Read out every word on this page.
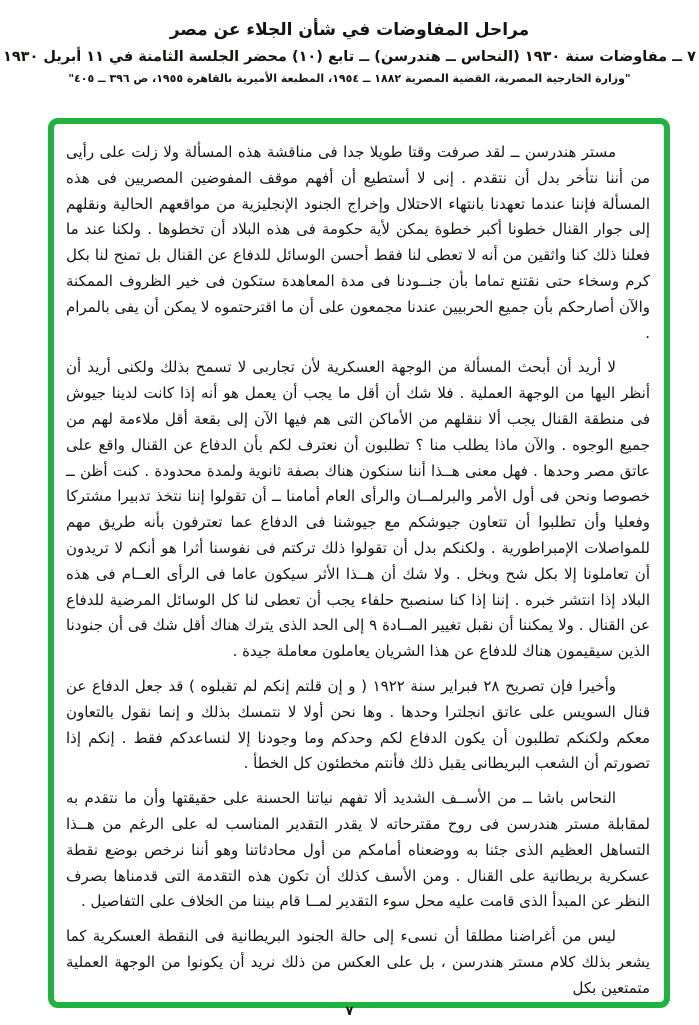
مراحل المفاوضات في شأن الجلاء عن مصر
٧ ــ مفاوضات سنة ١٩٣٠ (النحاس ــ هندرسن) ــ تابع (١٠) محضر الجلسة الثامنة في ١١ أبريل ١٩٣٠
"وزارة الخارجية المصرية، القضية المصرية ١٨٨٢ ــ ١٩٥٤، المطبعة الأميرية بالقاهرة ١٩٥٥، ص ٣٩٦ ــ ٤٠٥"

مستر هندرسن ــ لقد صرفت وقتا طويلا جدا فى مناقشة هذه المسألة ولا زلت على رأيى من أننا نتأخر بدل أن نتقدم . إنى لا أستطيع أن أفهم موقف المفوضين المصريين فى هذه المسألة فإننا عندما تعهدنا بانتهاء الاحتلال وإخراج الجنود الإنجليزية من مواقعهم الحالية ونقلهم إلى جوار القنال خطونا أكبر خطوة يمكن لأية حكومة فى هذه البلاد أن تخطوها . ولكنا عند ما فعلنا ذلك كنا واثقين من أنه لا تعطى لنا فقط أحسن الوسائل للدفاع عن القنال بل تمنح لنا بكل كرم وسخاء حتى نقتنع تماما بأن جنــودنا فى مدة المعاهدة ستكون فى خير الظروف الممكنة والآن أصارحكم بأن جميع الحربيين عندنا مجمعون على أن ما اقترحتموه لا يمكن أن يفى بالمرام .

لا أريد أن أبحث المسألة من الوجهة العسكرية لأن تجاربى لا تسمح بذلك ولكنى أريد أن أنظر اليها من الوجهة العملية . فلا شك أن أقل ما يجب أن يعمل هو أنه إذا كانت لدينا جيوش فى منطقة القنال يجب ألا ننقلهم من الأماكن التى هم فيها الآن إلى بقعة أقل ملاءمة لهم من جميع الوجوه . والآن ماذا يطلب منا ؟ تطلبون أن نعترف لكم بأن الدفاع عن القنال واقع على عاتق مصر وحدها . فهل معنى هــذا أننا سنكون هناك بصفة ثانوية ولمدة محدودة . كنت أظن ــ خصوصا ونحن فى أول الأمر والبرلمــان والرأى العام أمامنا ــ أن تقولوا إننا نتخذ تدبيرا مشتركا وفعليا وأن تطلبوا أن تتعاون جيوشكم مع جيوشنا فى الدفاع عما تعترفون بأنه طريق مهم للمواصلات الإمبراطورية . ولكنكم بدل أن تقولوا ذلك تركتم فى نفوسنا أثرا هو أنكم لا تريدون أن تعاملونا إلا بكل شح وبخل . ولا شك أن هــذا الأثر سيكون عاما فى الرأى العــام فى هذه البلاد إذا انتشر خبره . إننا إذا كنا سنصبح حلفاء يجب أن تعطى لنا كل الوسائل المرضية للدفاع عن القنال . ولا يمكننا أن نقبل تغيير المــادة ٩ إلى الحد الذى يترك هناك أقل شك فى أن جنودنا الذين سيقيمون هناك للدفاع عن هذا الشريان يعاملون معاملة جيدة .

وأخيرا فإن تصريح ٢٨ فبراير سنة ١٩٢٢ ( و إن قلتم إنكم لم تقبلوه ) قد جعل الدفاع عن قنال السويس على عاتق انجلترا وحدها . وها نحن أولا لا نتمسك بذلك و إنما نقول بالتعاون معكم ولكنكم تطلبون أن يكون الدفاع لكم وحدكم وما وجودنا إلا لنساعدكم فقط . إنكم إذا تصورتم أن الشعب البريطانى يقبل ذلك فأنتم مخطئون كل الخطأ .

النحاس باشا ــ من الأســف الشديد ألا تفهم نياتنا الحسنة على حقيقتها وأن ما نتقدم به لمقابلة مستر هندرسن فى روح مقترحاته لا يقدر التقدير المناسب له على الرغم من هــذا التساهل العظيم الذى جئنا به ووضعناه أمامكم من أول محادثاتنا وهو أننا نرخص بوضع نقطة عسكرية بريطانية على القنال . ومن الأسف كذلك أن تكون هذه التقدمة التى قدمناها بصرف النظر عن المبدأ الذى قامت عليه محل سوء التقدير لمــا قام بيننا من الخلاف على التفاصيل .

ليس من أغراضنا مطلقا أن نسىء إلى حالة الجنود البريطانية فى النقطة العسكرية كما يشعر بذلك كلام مستر هندرسن ، بل على العكس من ذلك نريد أن يكونوا من الوجهة العملية متمتعين بكل

٧
